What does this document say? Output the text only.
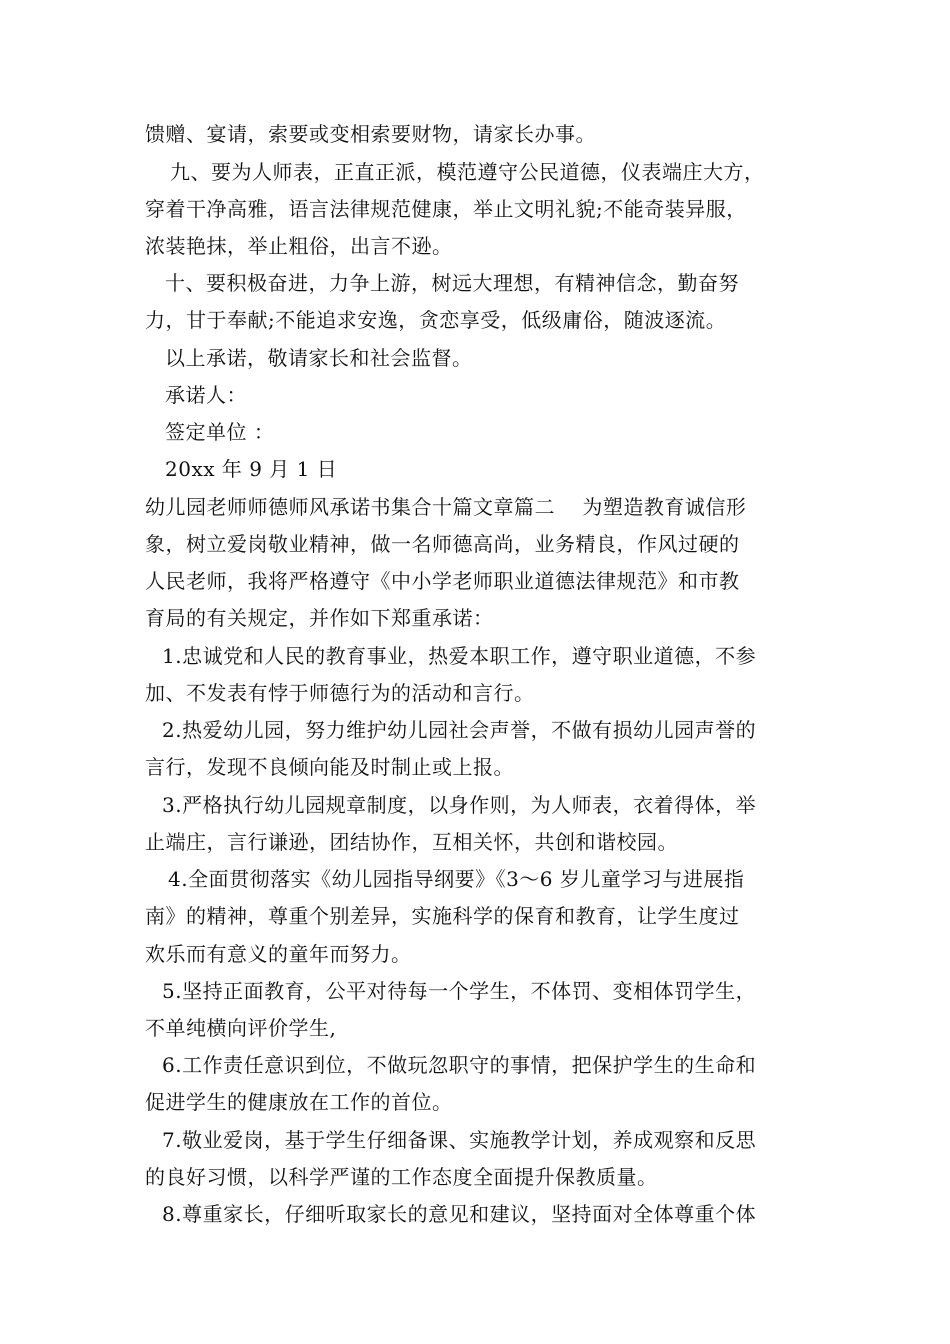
馈赠、宴请，索要或变相索要财物，请家长办事。
九、要为人师表，正直正派，模范遵守公民道德，仪表端庄大方，
穿着干净高雅，语言法律规范健康，举止文明礼貌;不能奇装异服，
浓装艳抹，举止粗俗，出言不逊。
十、要积极奋进，力争上游，树远大理想，有精神信念，勤奋努
力，甘于奉献;不能追求安逸，贪恋享受，低级庸俗，随波逐流。
以上承诺，敬请家长和社会监督。
承诺人：
签定单位 ：
20xx 年 9 月 1 日
幼儿园老师师德师风承诺书集合十篇文章篇二    为塑造教育诚信形
象，树立爱岗敬业精神，做一名师德高尚，业务精良，作风过硬的
人民老师，我将严格遵守《中小学老师职业道德法律规范》和市教
育局的有关规定，并作如下郑重承诺：
1.忠诚党和人民的教育事业，热爱本职工作，遵守职业道德，不参
加、不发表有悖于师德行为的活动和言行。
2.热爱幼儿园，努力维护幼儿园社会声誉，不做有损幼儿园声誉的
言行，发现不良倾向能及时制止或上报。
3.严格执行幼儿园规章制度，以身作则，为人师表，衣着得体，举
止端庄，言行谦逊，团结协作，互相关怀，共创和谐校园。
4.全面贯彻落实《幼儿园指导纲要》《3～6 岁儿童学习与进展指
南》的精神，尊重个别差异，实施科学的保育和教育，让学生度过
欢乐而有意义的童年而努力。
5.坚持正面教育，公平对待每一个学生，不体罚、变相体罚学生，
不单纯横向评价学生,
6.工作责任意识到位，不做玩忽职守的事情，把保护学生的生命和
促进学生的健康放在工作的首位。
7.敬业爱岗，基于学生仔细备课、实施教学计划，养成观察和反思
的良好习惯，以科学严谨的工作态度全面提升保教质量。
8.尊重家长，仔细听取家长的意见和建议，坚持面对全体尊重个体
